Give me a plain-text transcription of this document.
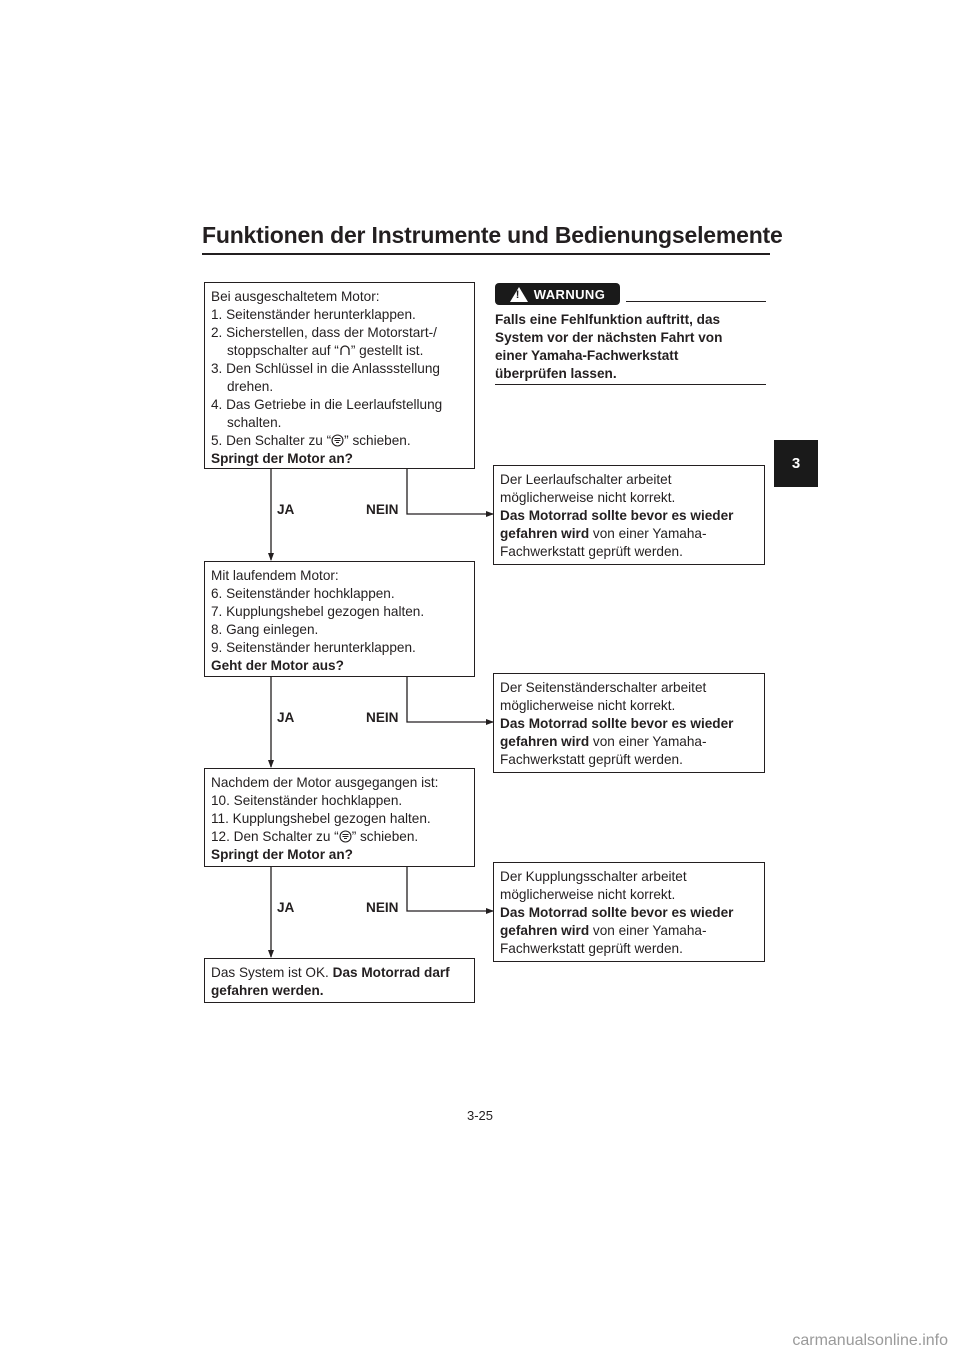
Funktionen der Instrumente und Bedienungselemente
3
!
WARNUNG
Falls eine Fehlfunktion auftritt, das
System vor der nächsten Fahrt von
einer Yamaha-Fachwerkstatt
überprüfen lassen.
Bei ausgeschaltetem Motor:
1. Seitenständer herunterklappen.
2. Sicherstellen, dass der Motorstart-/
stoppschalter auf “ ” gestellt ist.
3. Den Schlüssel in die Anlassstellung
drehen.
4. Das Getriebe in die Leerlaufstellung
schalten.
5. Den Schalter zu “ ” schieben.
Springt der Motor an?
Mit laufendem Motor:
6. Seitenständer hochklappen.
7. Kupplungshebel gezogen halten.
8. Gang einlegen.
9. Seitenständer herunterklappen.
Geht der Motor aus?
Nachdem der Motor ausgegangen ist:
10. Seitenständer hochklappen.
11. Kupplungshebel gezogen halten.
12. Den Schalter zu “ ” schieben.
Springt der Motor an?
Das System ist OK. Das Motorrad darf
gefahren werden.
Der Leerlaufschalter arbeitet
möglicherweise nicht korrekt.
Das Motorrad sollte bevor es wieder
gefahren wird von einer Yamaha-
Fachwerkstatt geprüft werden.
Der Seitenständerschalter arbeitet
möglicherweise nicht korrekt.
Das Motorrad sollte bevor es wieder
gefahren wird von einer Yamaha-
Fachwerkstatt geprüft werden.
Der Kupplungsschalter arbeitet
möglicherweise nicht korrekt.
Das Motorrad sollte bevor es wieder
gefahren wird von einer Yamaha-
Fachwerkstatt geprüft werden.
JA	NEIN
JA	NEIN
JA	NEIN
3-25
carmanualsonline.info
